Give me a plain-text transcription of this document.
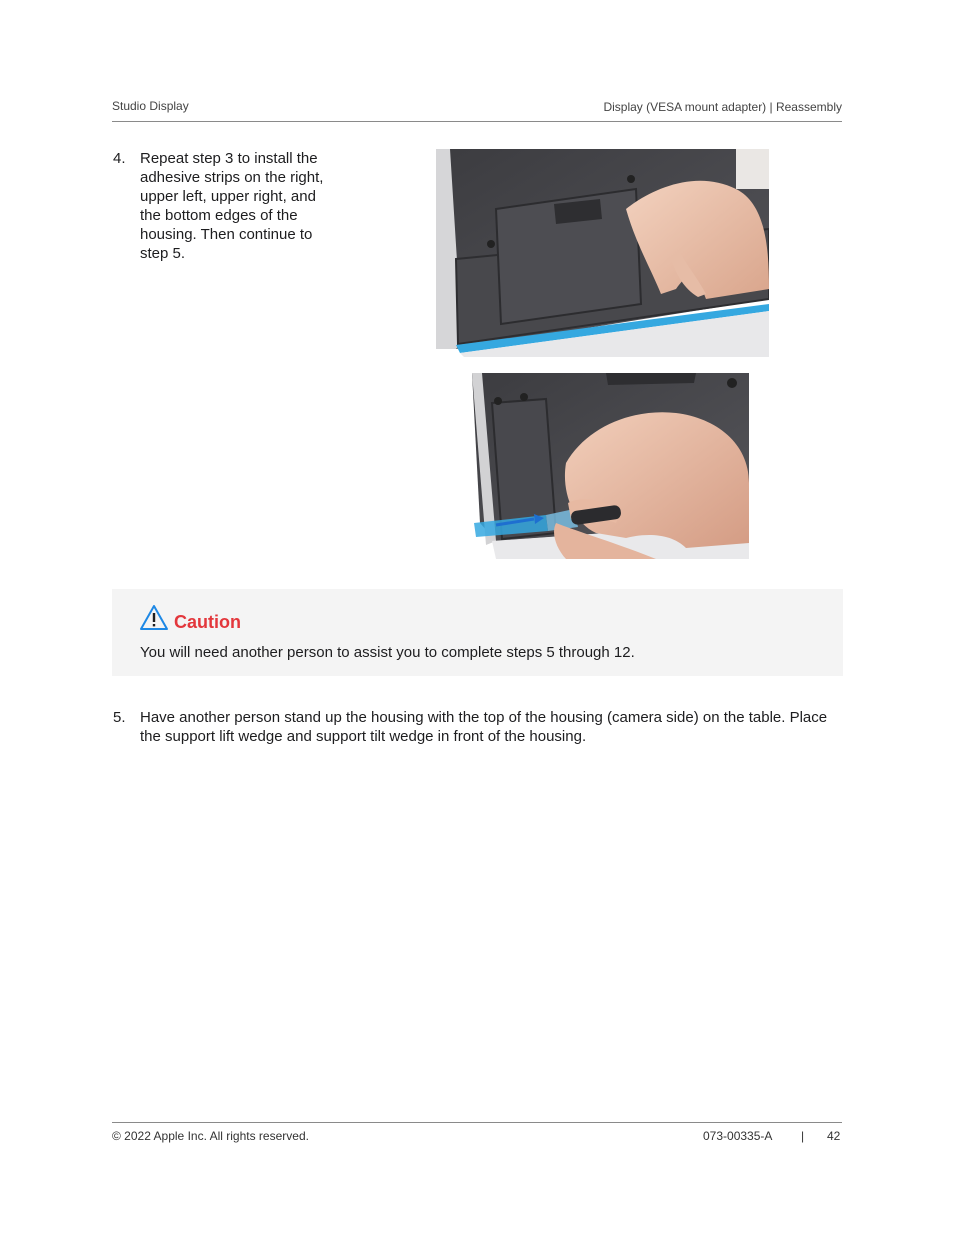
Studio Display	Display (VESA mount adapter) | Reassembly
4. Repeat step 3 to install the adhesive strips on the right, upper left, upper right, and the bottom edges of the housing. Then continue to step 5.
Caution
You will need another person to assist you to complete steps 5 through 12.
5. Have another person stand up the housing with the top of the housing (camera side) on the table. Place the support lift wedge and support tilt wedge in front of the housing.
© 2022 Apple Inc. All rights reserved.	073-00335-A | 42
